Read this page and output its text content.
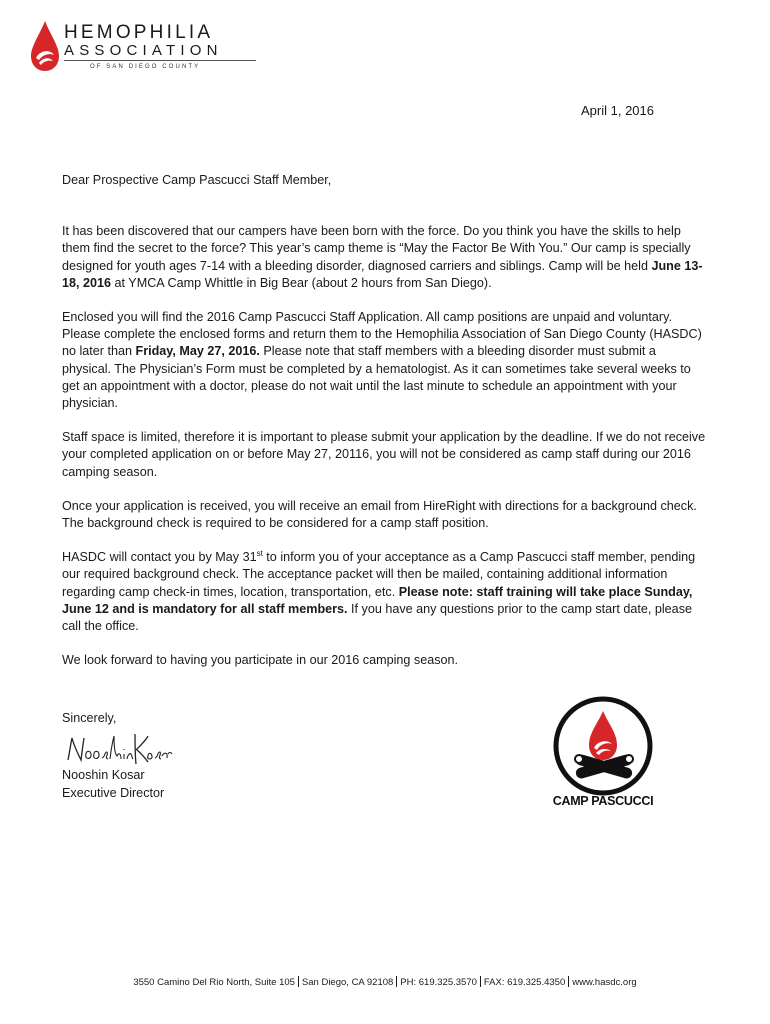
HEMOPHILIA
ASSOCIATION
OF SAN DIEGO COUNTY
April 1, 2016

Dear Prospective Camp Pascucci Staff Member,

It has been discovered that our campers have been born with the force. Do you think you have the skills to help them find the secret to the force? This year’s camp theme is “May the Factor Be With You.” Our camp is specially designed for youth ages 7-14 with a bleeding disorder, diagnosed carriers and siblings. Camp will be held June 13-18, 2016 at YMCA Camp Whittle in Big Bear (about 2 hours from San Diego).

Enclosed you will find the 2016 Camp Pascucci Staff Application. All camp positions are unpaid and voluntary. Please complete the enclosed forms and return them to the Hemophilia Association of San Diego County (HASDC) no later than Friday, May 27, 2016. Please note that staff members with a bleeding disorder must submit a physical. The Physician’s Form must be completed by a hematologist. As it can sometimes take several weeks to get an appointment with a doctor, please do not wait until the last minute to schedule an appointment with your physician.

Staff space is limited, therefore it is important to please submit your application by the deadline. If we do not receive your completed application on or before May 27, 20116, you will not be considered as camp staff during our 2016 camping season.

Once your application is received, you will receive an email from HireRight with directions for a background check. The background check is required to be considered for a camp staff position.

HASDC will contact you by May 31st to inform you of your acceptance as a Camp Pascucci staff member, pending our required background check. The acceptance packet will then be mailed, containing additional information regarding camp check-in times, location, transportation, etc. Please note: staff training will take place Sunday, June 12 and is mandatory for all staff members. If you have any questions prior to the camp start date, please call the office.

We look forward to having you participate in our 2016 camping season.

Sincerely,
Nooshin Kosar
Executive Director
CAMP PASCUCCI
3550 Camino Del Rio North, Suite 105 San Diego, CA 92108 PH: 619.325.3570 FAX: 619.325.4350 www.hasdc.org
